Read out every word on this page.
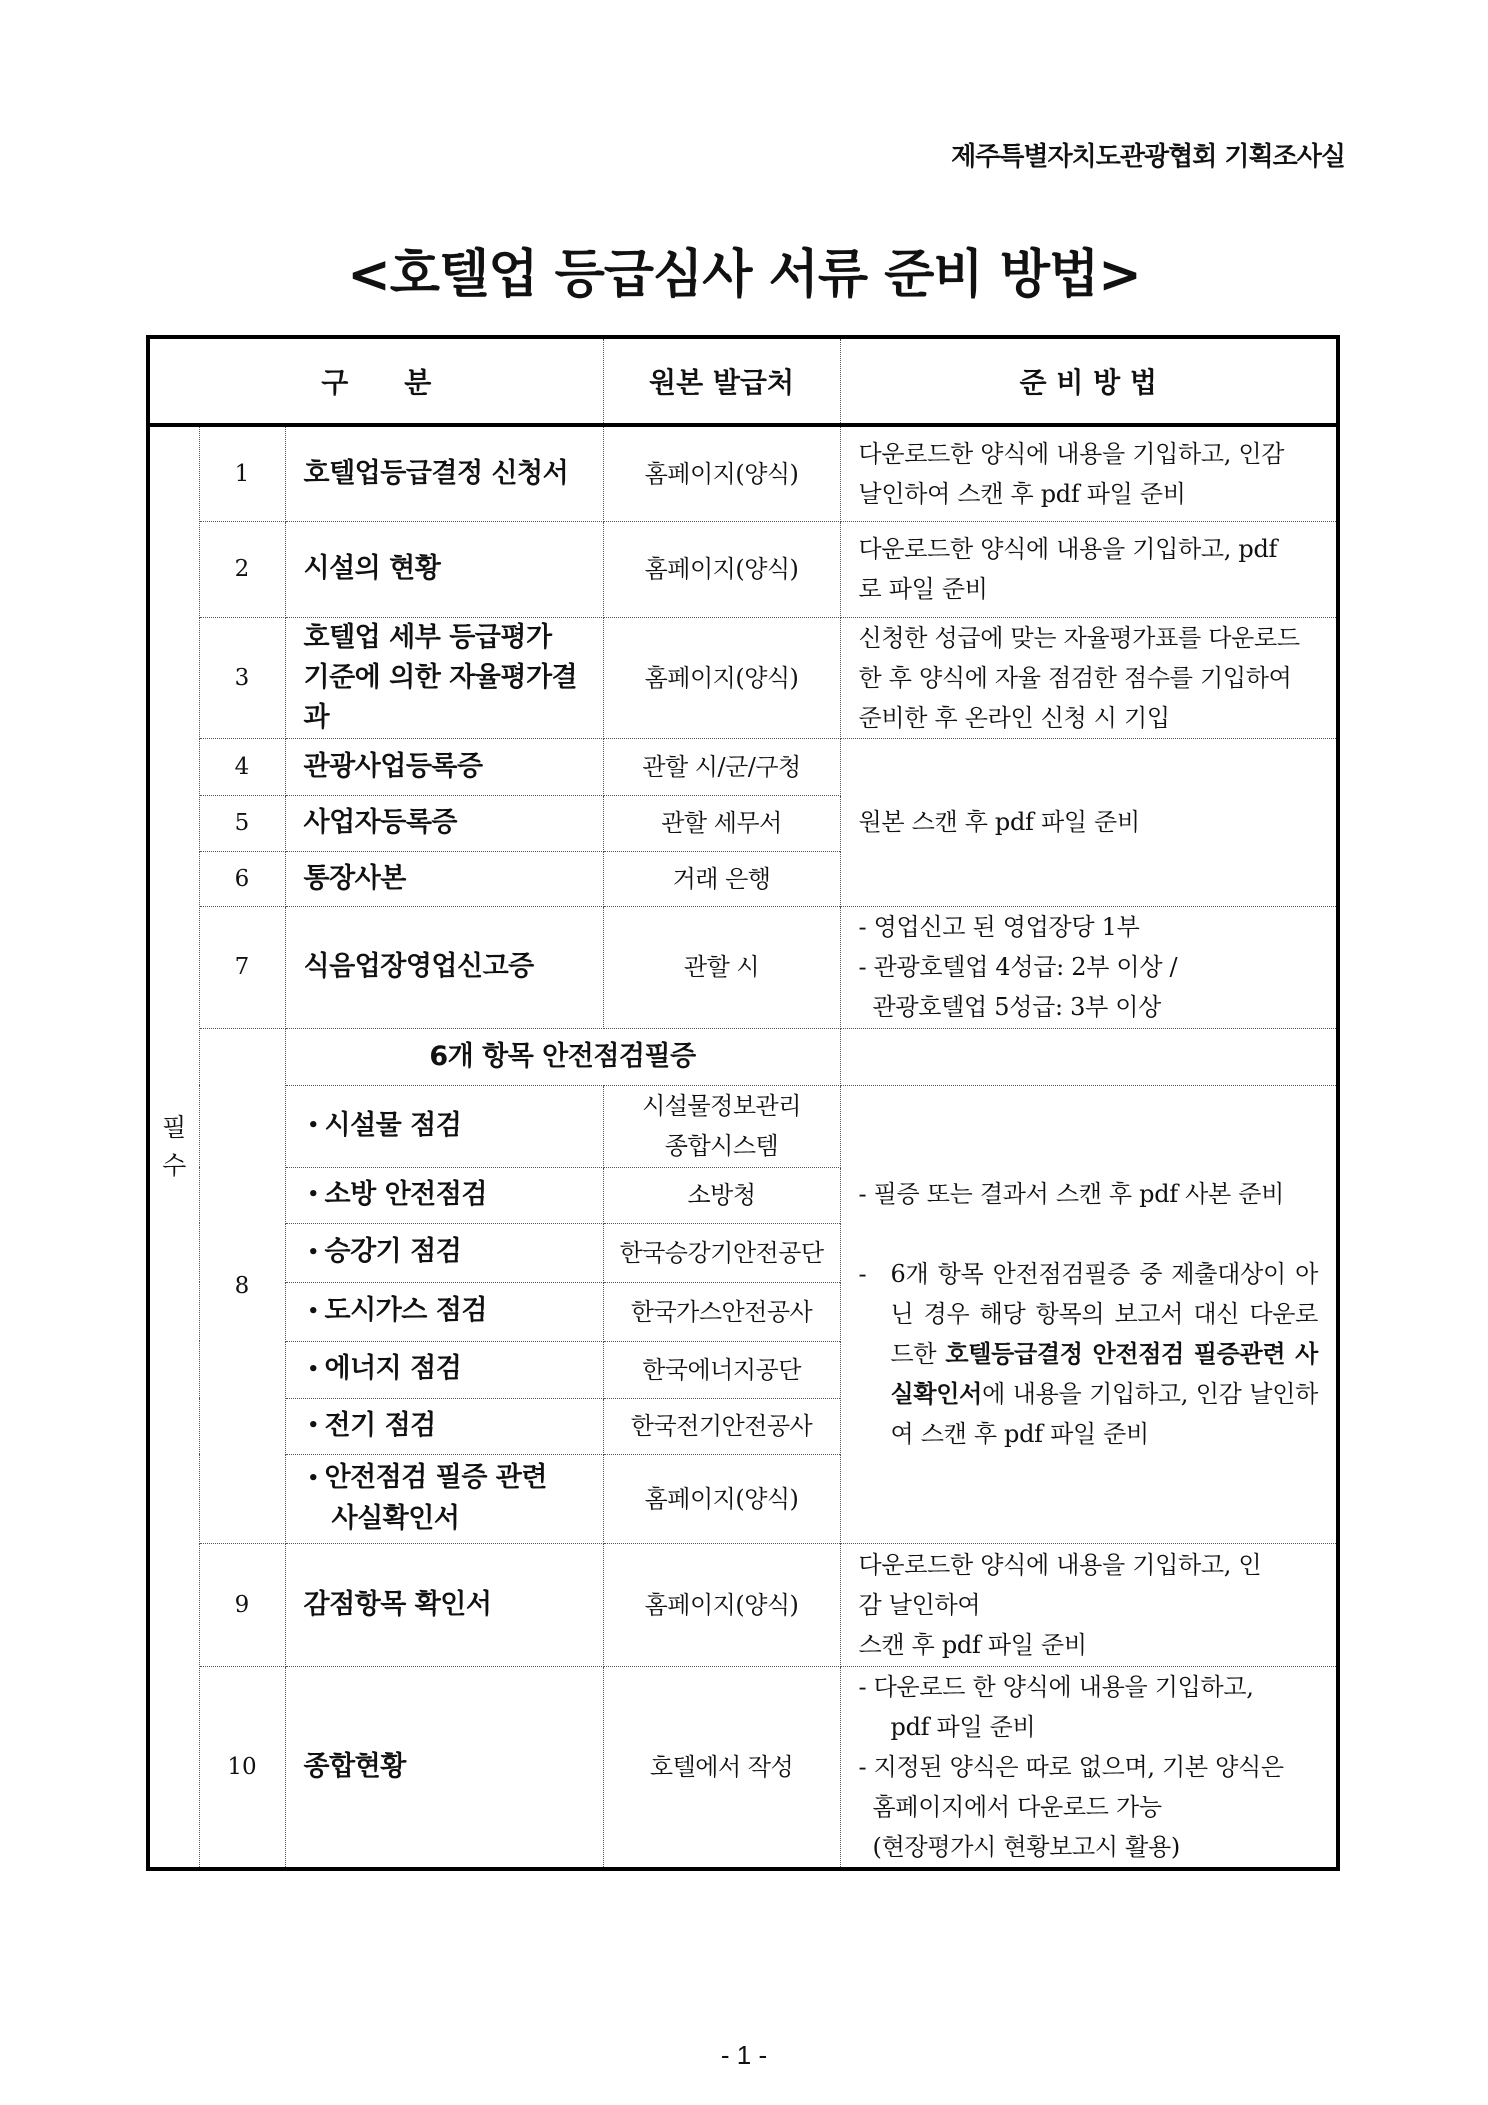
제주특별자치도관광협회 기획조사실
<호텔업 등급심사 서류 준비 방법>
구　　분			원본 발급처	준 비 방 법

필
수	1	호텔업등급결정 신청서	홈페이지(양식)	다운로드한 양식에 내용을 기입하고, 인감
날인하여 스캔 후 pdf 파일 준비

	2	시설의 현황	홈페이지(양식)	다운로드한 양식에 내용을 기입하고, pdf
로 파일 준비

	3	호텔업 세부 등급평가
기준에 의한 자율평가결과	홈페이지(양식)	신청한 성급에 맞는 자율평가표를 다운로드
한 후 양식에 자율 점검한 점수를 기입하여
준비한 후 온라인 신청 시 기입

	4	관광사업등록증	관할 시/군/구청	원본 스캔 후 pdf 파일 준비
	5	사업자등록증	관할 세무서	
	6	통장사본	거래 은행	
	7	식음업장영업신고증	관할 시	- 영업신고 된 영업장당 1부
- 관광호텔업 4성급: 2부 이상 /
관광호텔업 5성급: 3부 이상

	8	6개 항목 안전점검필증		
		• 시설물 점검	시설물정보관리
종합시스템	- 필증 또는 결과서 스캔 후 pdf 사본 준비
- 6개 항목 안전점검필증 중 제출대상이 아닌 경우 해당 항목의 보고서 대신 다운로드한 호텔등급결정 안전점검 필증관련 사실확인서에 내용을 기입하고, 인감 날인하여 스캔 후 pdf 파일 준비

		• 소방 안전점검	소방청	
		• 승강기 점검	한국승강기안전공단	
		• 도시가스 점검	한국가스안전공사	
		• 에너지 점검	한국에너지공단	
		• 전기 점검	한국전기안전공사	
		• 안전점검 필증 관련
사실확인서	홈페이지(양식)	
	9	감점항목 확인서	홈페이지(양식)	다운로드한 양식에 내용을 기입하고, 인
감 날인하여
스캔 후 pdf 파일 준비

	10	종합현황	호텔에서 작성	- 다운로드 한 양식에 내용을 기입하고,
pdf 파일 준비
- 지정된 양식은 따로 없으며, 기본 양식은
홈페이지에서 다운로드 가능
(현장평가시 현황보고시 활용)
- 1 -
